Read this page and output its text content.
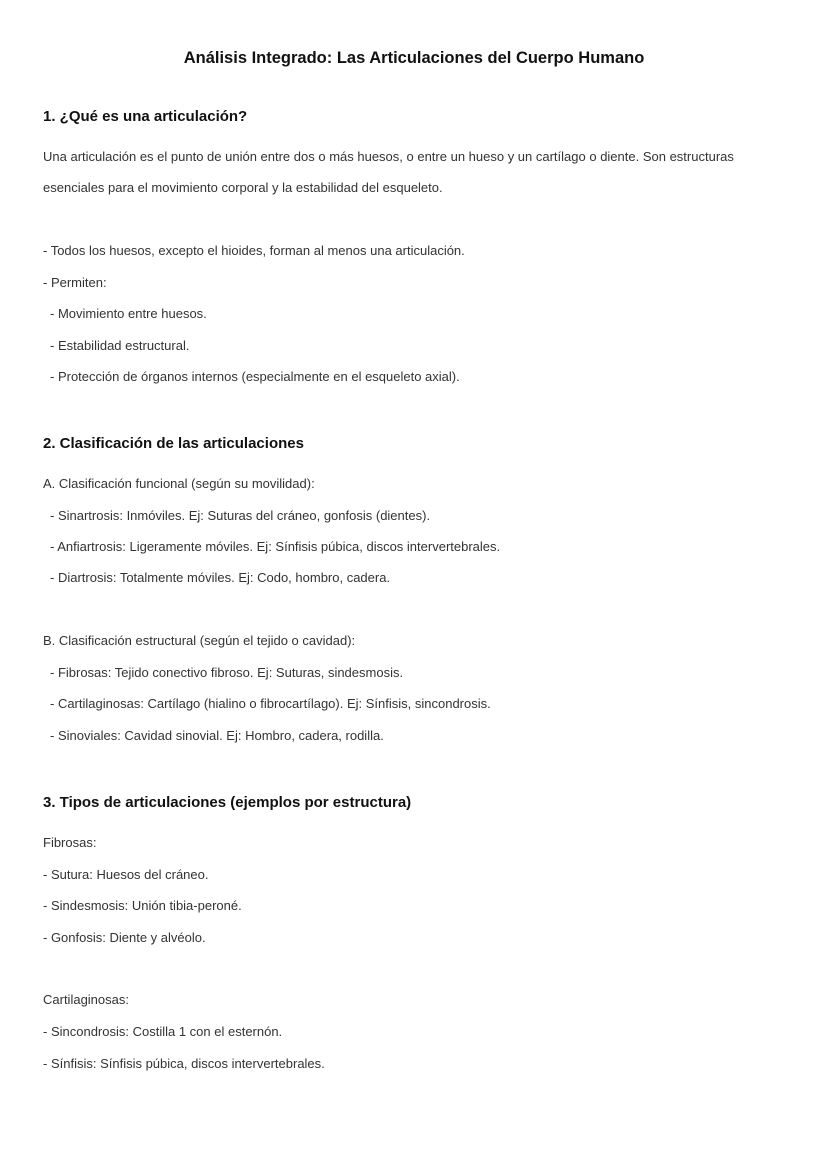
Análisis Integrado: Las Articulaciones del Cuerpo Humano
1. ¿Qué es una articulación?

Una articulación es el punto de unión entre dos o más huesos, o entre un hueso y un cartílago o diente. Son estructuras

esenciales para el movimiento corporal y la estabilidad del esqueleto.

- Todos los huesos, excepto el hioides, forman al menos una articulación.

- Permiten:

- Movimiento entre huesos.

- Estabilidad estructural.

- Protección de órganos internos (especialmente en el esqueleto axial).

2. Clasificación de las articulaciones

A. Clasificación funcional (según su movilidad):

- Sinartrosis: Inmóviles. Ej: Suturas del cráneo, gonfosis (dientes).

- Anfiartrosis: Ligeramente móviles. Ej: Sínfisis púbica, discos intervertebrales.

- Diartrosis: Totalmente móviles. Ej: Codo, hombro, cadera.

B. Clasificación estructural (según el tejido o cavidad):

- Fibrosas: Tejido conectivo fibroso. Ej: Suturas, sindesmosis.

- Cartilaginosas: Cartílago (hialino o fibrocartílago). Ej: Sínfisis, sincondrosis.

- Sinoviales: Cavidad sinovial. Ej: Hombro, cadera, rodilla.

3. Tipos de articulaciones (ejemplos por estructura)

Fibrosas:

- Sutura: Huesos del cráneo.

- Sindesmosis: Unión tibia-peroné.

- Gonfosis: Diente y alvéolo.

Cartilaginosas:

- Sincondrosis: Costilla 1 con el esternón.

- Sínfisis: Sínfisis púbica, discos intervertebrales.
